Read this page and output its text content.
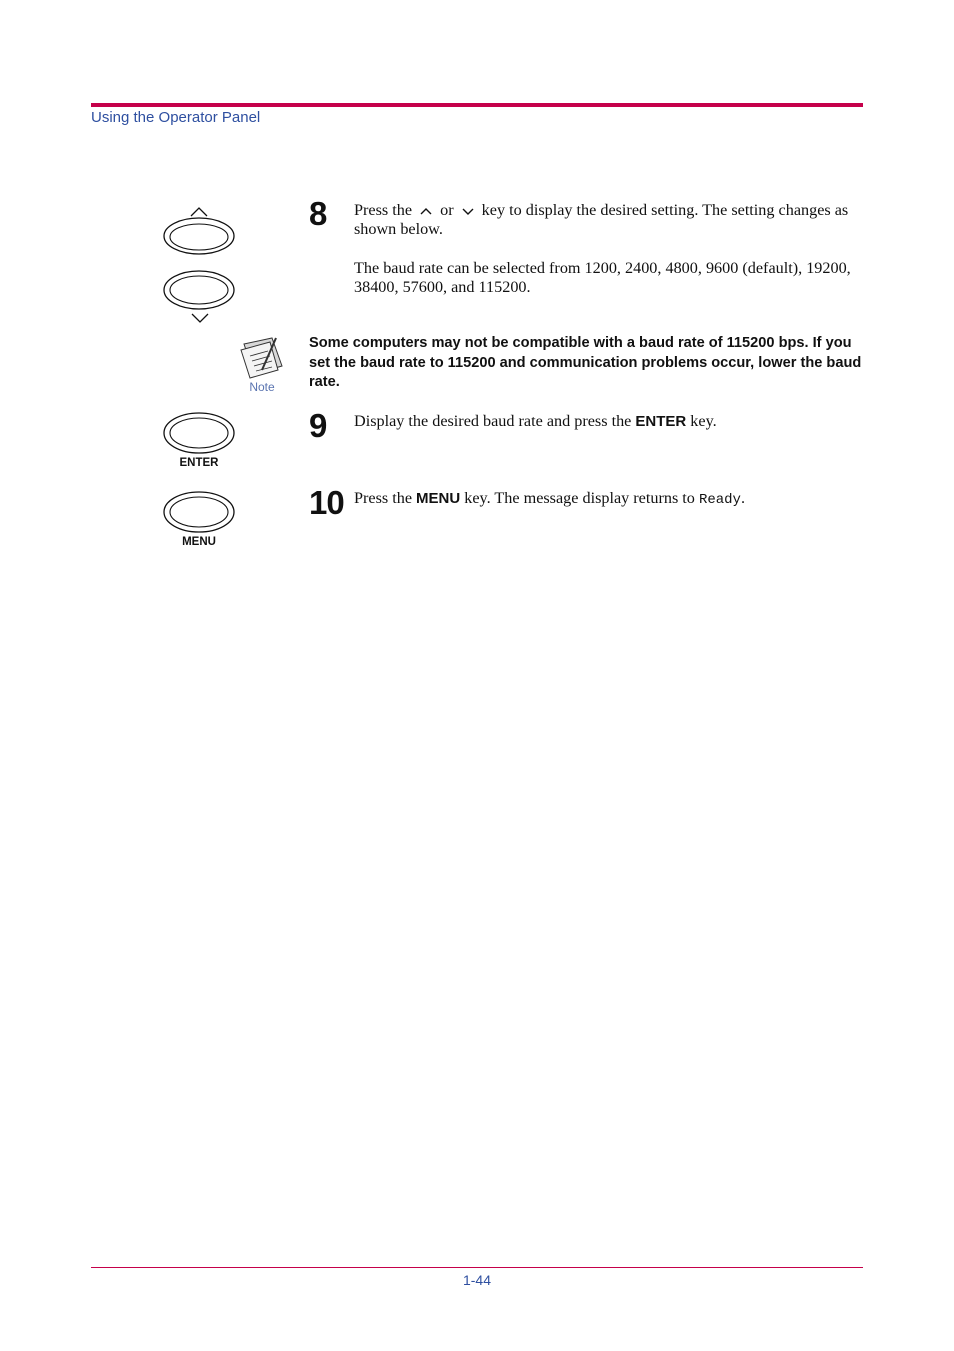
Using the Operator Panel
8 Press the or key to display the desired setting. The setting changes as shown below.
The baud rate can be selected from 1200, 2400, 4800, 9600 (default), 19200, 38400, 57600, and 115200.
Note
Some computers may not be compatible with a baud rate of 115200 bps. If you set the baud rate to 115200 and communication problems occur, lower the baud rate.
ENTER
9 Display the desired baud rate and press the ENTER key.
MENU
10 Press the MENU key. The message display returns to Ready.
1-44
